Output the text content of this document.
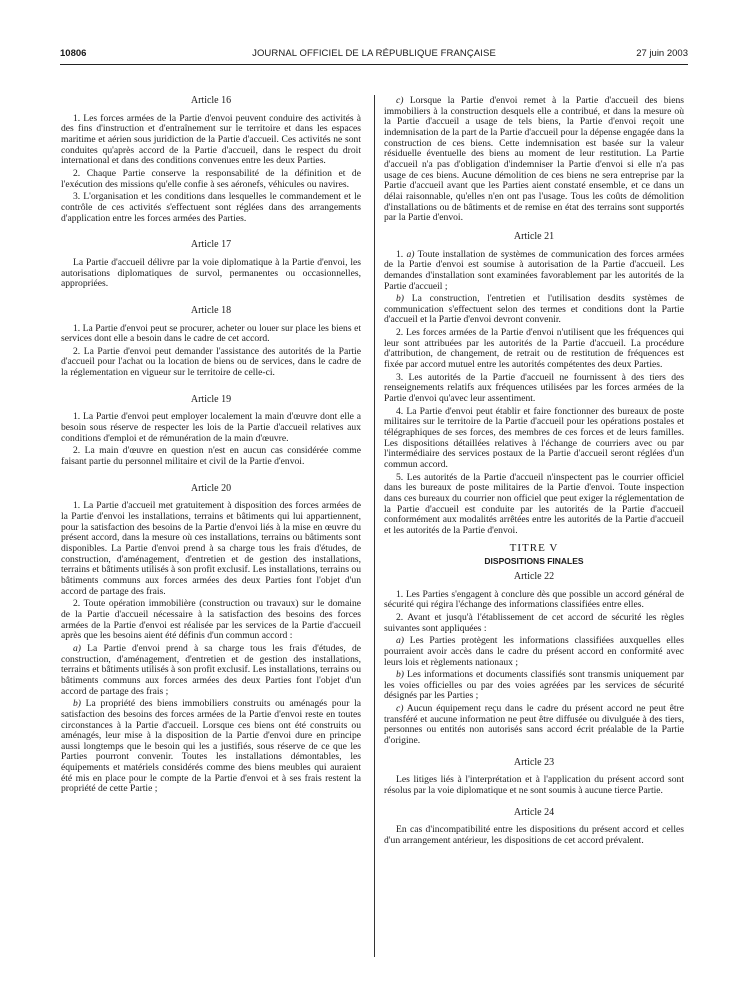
10806	JOURNAL OFFICIEL DE LA RÉPUBLIQUE FRANÇAISE	27 juin 2003
Article 16
1. Les forces armées de la Partie d'envoi peuvent conduire des activités à des fins d'instruction et d'entraînement sur le territoire et dans les espaces maritime et aérien sous juridiction de la Partie d'accueil. Ces activités ne sont conduites qu'après accord de la Partie d'accueil, dans le respect du droit international et dans des conditions convenues entre les deux Parties.
2. Chaque Partie conserve la responsabilité de la définition et de l'exécution des missions qu'elle confie à ses aéronefs, véhicules ou navires.
3. L'organisation et les conditions dans lesquelles le commandement et le contrôle de ces activités s'effectuent sont réglées dans des arrangements d'application entre les forces armées des Parties.
Article 17
La Partie d'accueil délivre par la voie diplomatique à la Partie d'envoi, les autorisations diplomatiques de survol, permanentes ou occasionnelles, appropriées.
Article 18
1. La Partie d'envoi peut se procurer, acheter ou louer sur place les biens et services dont elle a besoin dans le cadre de cet accord.
2. La Partie d'envoi peut demander l'assistance des autorités de la Partie d'accueil pour l'achat ou la location de biens ou de services, dans le cadre de la réglementation en vigueur sur le territoire de celle-ci.
Article 19
1. La Partie d'envoi peut employer localement la main d'œuvre dont elle a besoin sous réserve de respecter les lois de la Partie d'accueil relatives aux conditions d'emploi et de rémunération de la main d'œuvre.
2. La main d'œuvre en question n'est en aucun cas considérée comme faisant partie du personnel militaire et civil de la Partie d'envoi.
Article 20
1. La Partie d'accueil met gratuitement à disposition des forces armées de la Partie d'envoi les installations, terrains et bâtiments qui lui appartiennent, pour la satisfaction des besoins de la Partie d'envoi liés à la mise en œuvre du présent accord, dans la mesure où ces installations, terrains ou bâtiments sont disponibles. La Partie d'envoi prend à sa charge tous les frais d'études, de construction, d'aménagement, d'entretien et de gestion des installations, terrains et bâtiments utilisés à son profit exclusif. Les installations, terrains ou bâtiments communs aux forces armées des deux Parties font l'objet d'un accord de partage des frais.
2. Toute opération immobilière (construction ou travaux) sur le domaine de la Partie d'accueil nécessaire à la satisfaction des besoins des forces armées de la Partie d'envoi est réalisée par les services de la Partie d'accueil après que les besoins aient été définis d'un commun accord :
a) La Partie d'envoi prend à sa charge tous les frais d'études, de construction, d'aménagement, d'entretien et de gestion des installations, terrains et bâtiments utilisés à son profit exclusif. Les installations, terrains ou bâtiments communs aux forces armées des deux Parties font l'objet d'un accord de partage des frais ;
b) La propriété des biens immobiliers construits ou aménagés pour la satisfaction des besoins des forces armées de la Partie d'envoi reste en toutes circonstances à la Partie d'accueil. Lorsque ces biens ont été construits ou aménagés, leur mise à la disposition de la Partie d'envoi dure en principe aussi longtemps que le besoin qui les a justifiés, sous réserve de ce que les Parties pourront convenir. Toutes les installations démontables, les équipements et matériels considérés comme des biens meubles qui auraient été mis en place pour le compte de la Partie d'envoi et à ses frais restent la propriété de cette Partie ;
c) Lorsque la Partie d'envoi remet à la Partie d'accueil des biens immobiliers à la construction desquels elle a contribué, et dans la mesure où la Partie d'accueil a usage de tels biens, la Partie d'envoi reçoit une indemnisation de la part de la Partie d'accueil pour la dépense engagée dans la construction de ces biens. Cette indemnisation est basée sur la valeur résiduelle éventuelle des biens au moment de leur restitution. La Partie d'accueil n'a pas d'obligation d'indemniser la Partie d'envoi si elle n'a pas usage de ces biens. Aucune démolition de ces biens ne sera entreprise par la Partie d'accueil avant que les Parties aient constaté ensemble, et ce dans un délai raisonnable, qu'elles n'en ont pas l'usage. Tous les coûts de démolition d'installations ou de bâtiments et de remise en état des terrains sont supportés par la Partie d'envoi.
Article 21
1. a) Toute installation de systèmes de communication des forces armées de la Partie d'envoi est soumise à autorisation de la Partie d'accueil. Les demandes d'installation sont examinées favorablement par les autorités de la Partie d'accueil ;
b) La construction, l'entretien et l'utilisation desdits systèmes de communication s'effectuent selon des termes et conditions dont la Partie d'accueil et la Partie d'envoi devront convenir.
2. Les forces armées de la Partie d'envoi n'utilisent que les fréquences qui leur sont attribuées par les autorités de la Partie d'accueil. La procédure d'attribution, de changement, de retrait ou de restitution de fréquences est fixée par accord mutuel entre les autorités compétentes des deux Parties.
3. Les autorités de la Partie d'accueil ne fournissent à des tiers des renseignements relatifs aux fréquences utilisées par les forces armées de la Partie d'envoi qu'avec leur assentiment.
4. La Partie d'envoi peut établir et faire fonctionner des bureaux de poste militaires sur le territoire de la Partie d'accueil pour les opérations postales et télégraphiques de ses forces, des membres de ces forces et de leurs familles. Les dispositions détaillées relatives à l'échange de courriers avec ou par l'intermédiaire des services postaux de la Partie d'accueil seront réglées d'un commun accord.
5. Les autorités de la Partie d'accueil n'inspectent pas le courrier officiel dans les bureaux de poste militaires de la Partie d'envoi. Toute inspection dans ces bureaux du courrier non officiel que peut exiger la réglementation de la Partie d'accueil est conduite par les autorités de la Partie d'accueil conformément aux modalités arrêtées entre les autorités de la Partie d'accueil et les autorités de la Partie d'envoi.
TITRE V
DISPOSITIONS FINALES
Article 22
1. Les Parties s'engagent à conclure dès que possible un accord général de sécurité qui régira l'échange des informations classifiées entre elles.
2. Avant et jusqu'à l'établissement de cet accord de sécurité les règles suivantes sont appliquées :
a) Les Parties protègent les informations classifiées auxquelles elles pourraient avoir accès dans le cadre du présent accord en conformité avec leurs lois et règlements nationaux ;
b) Les informations et documents classifiés sont transmis uniquement par les voies officielles ou par des voies agréées par les services de sécurité désignés par les Parties ;
c) Aucun équipement reçu dans le cadre du présent accord ne peut être transféré et aucune information ne peut être diffusée ou divulguée à des tiers, personnes ou entités non autorisés sans accord écrit préalable de la Partie d'origine.
Article 23
Les litiges liés à l'interprétation et à l'application du présent accord sont résolus par la voie diplomatique et ne sont soumis à aucune tierce Partie.
Article 24
En cas d'incompatibilité entre les dispositions du présent accord et celles d'un arrangement antérieur, les dispositions de cet accord prévalent.
